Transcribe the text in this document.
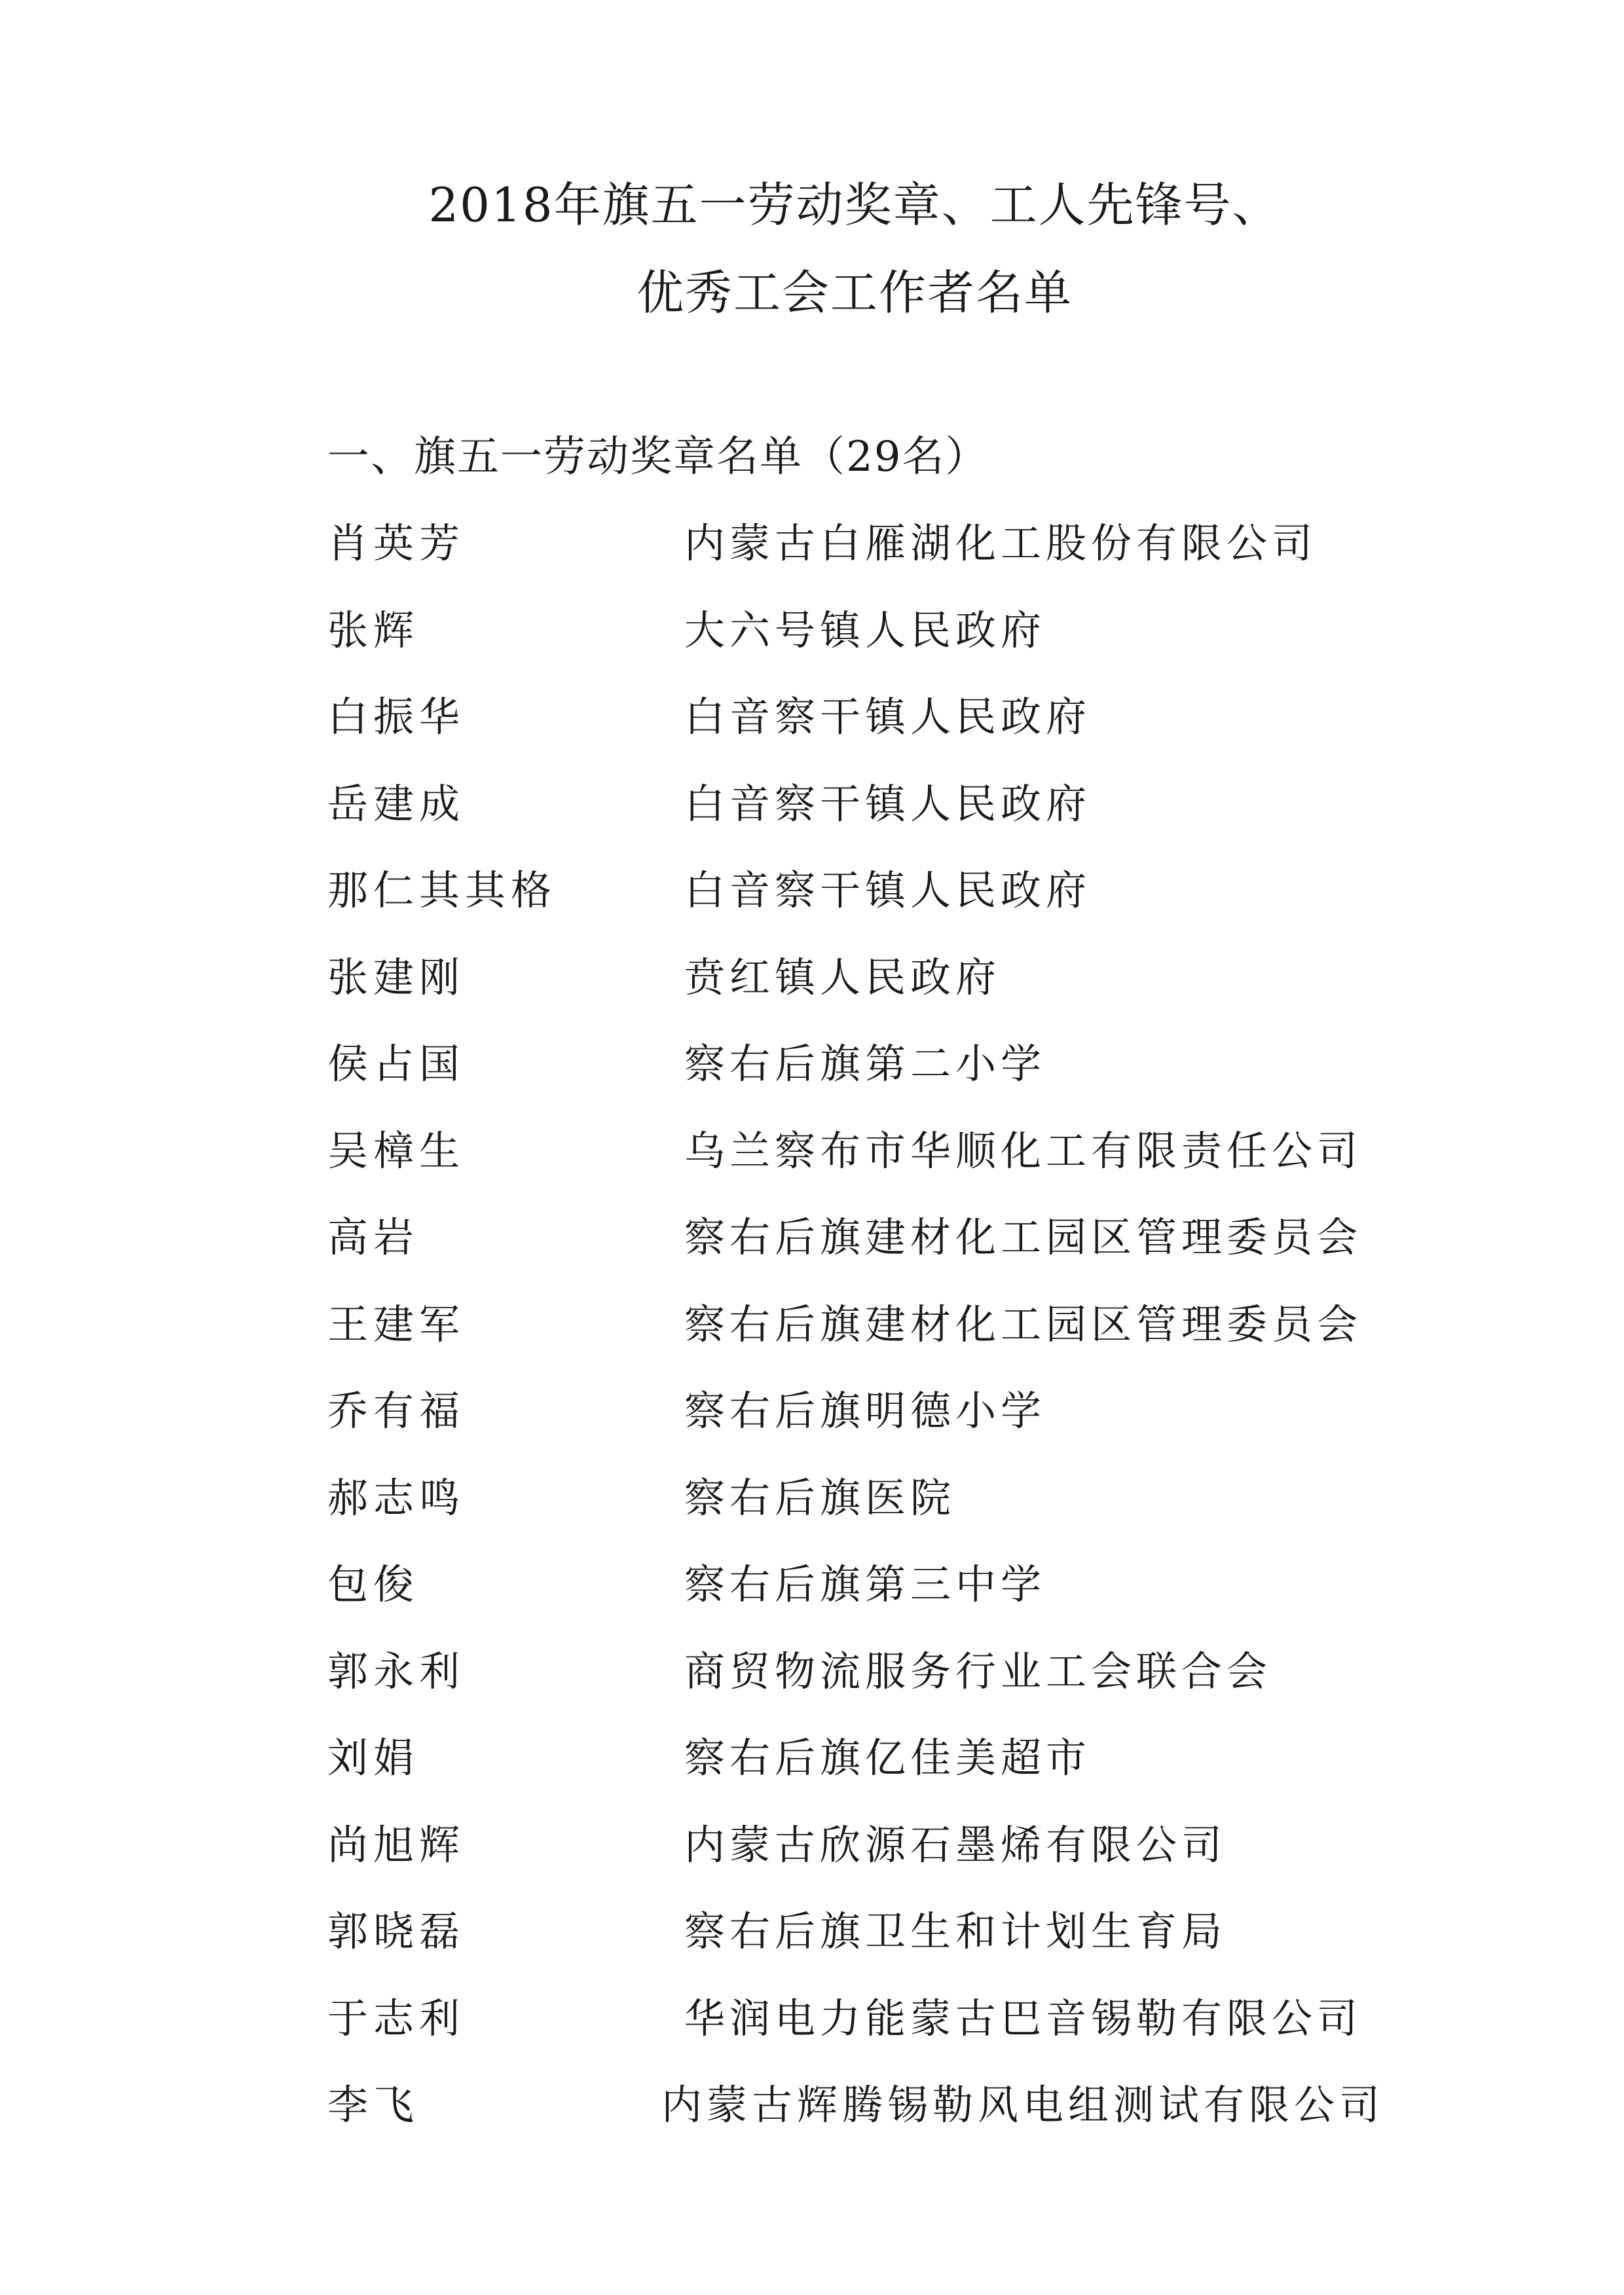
2018年旗五一劳动奖章、工人先锋号、
优秀工会工作者名单
一、旗五一劳动奖章名单（29名）
肖英芳	内蒙古白雁湖化工股份有限公司
张辉	大六号镇人民政府
白振华	白音察干镇人民政府
岳建成	白音察干镇人民政府
那仁其其格	白音察干镇人民政府
张建刚	贲红镇人民政府
侯占国	察右后旗第二小学
吴樟生	乌兰察布市华顺化工有限责任公司
高岩	察右后旗建材化工园区管理委员会
王建军	察右后旗建材化工园区管理委员会
乔有福	察右后旗明德小学
郝志鸣	察右后旗医院
包俊	察右后旗第三中学
郭永利	商贸物流服务行业工会联合会
刘娟	察右后旗亿佳美超市
尚旭辉	内蒙古欣源石墨烯有限公司
郭晓磊	察右后旗卫生和计划生育局
于志利	华润电力能蒙古巴音锡勒有限公司
李飞	内蒙古辉腾锡勒风电组测试有限公司
